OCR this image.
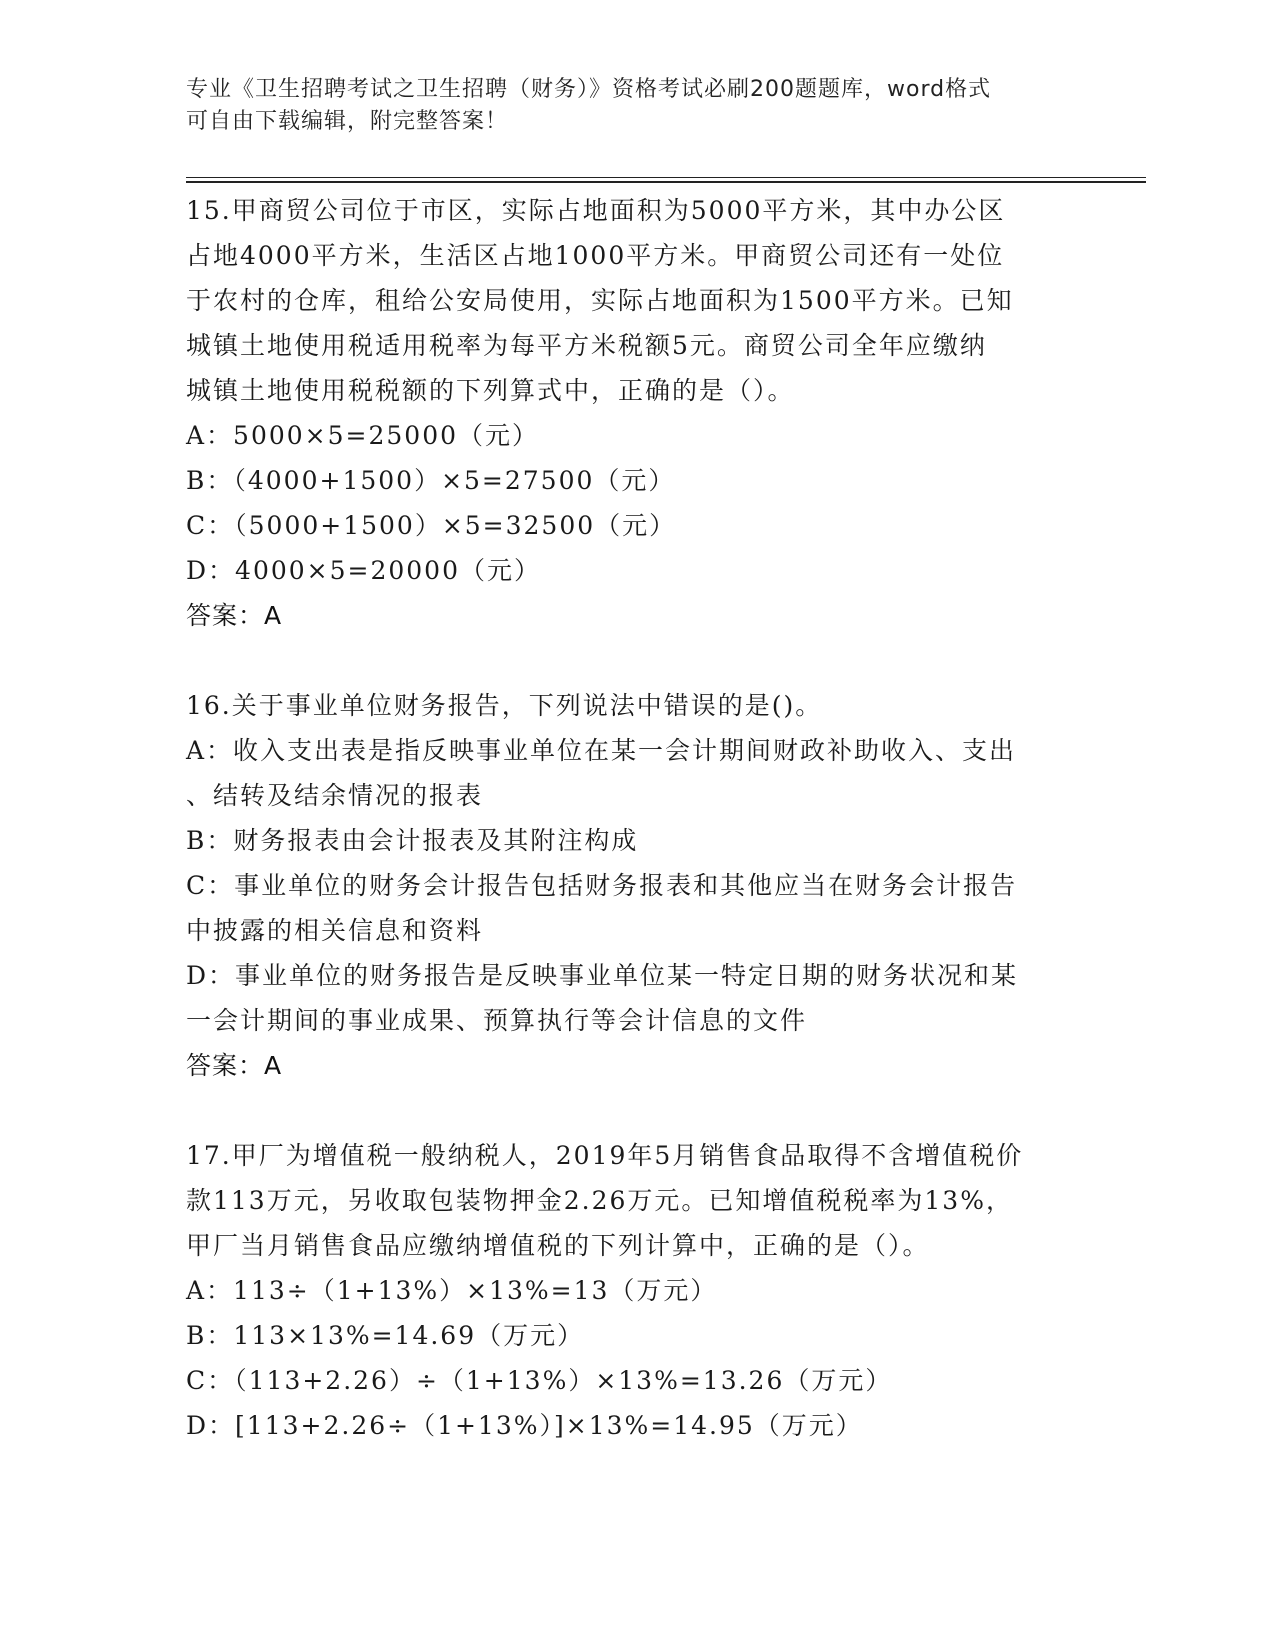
专业《卫生招聘考试之卫生招聘（财务）》资格考试必刷200题题库，word格式
可自由下载编辑，附完整答案！
15.甲商贸公司位于市区，实际占地面积为5000平方米，其中办公区
占地4000平方米，生活区占地1000平方米。甲商贸公司还有一处位
于农村的仓库，租给公安局使用，实际占地面积为1500平方米。已知
城镇土地使用税适用税率为每平方米税额5元。商贸公司全年应缴纳
城镇土地使用税税额的下列算式中，正确的是（）。
A：5000×5=25000（元）
B：（4000+1500）×5=27500（元）
C：（5000+1500）×5=32500（元）
D：4000×5=20000（元）
答案：A
16.关于事业单位财务报告，下列说法中错误的是()。
A：收入支出表是指反映事业单位在某一会计期间财政补助收入、支出
、结转及结余情况的报表
B：财务报表由会计报表及其附注构成
C：事业单位的财务会计报告包括财务报表和其他应当在财务会计报告
中披露的相关信息和资料
D：事业单位的财务报告是反映事业单位某一特定日期的财务状况和某
一会计期间的事业成果、预算执行等会计信息的文件
答案：A
17.甲厂为增值税一般纳税人，2019年5月销售食品取得不含增值税价
款113万元，另收取包装物押金2.26万元。已知增值税税率为13%，
甲厂当月销售食品应缴纳增值税的下列计算中，正确的是（）。
A：113÷（1+13%）×13%=13（万元）
B：113×13%=14.69（万元）
C：（113+2.26）÷（1+13%）×13%=13.26（万元）
D：[113+2.26÷（1+13%）]×13%=14.95（万元）
